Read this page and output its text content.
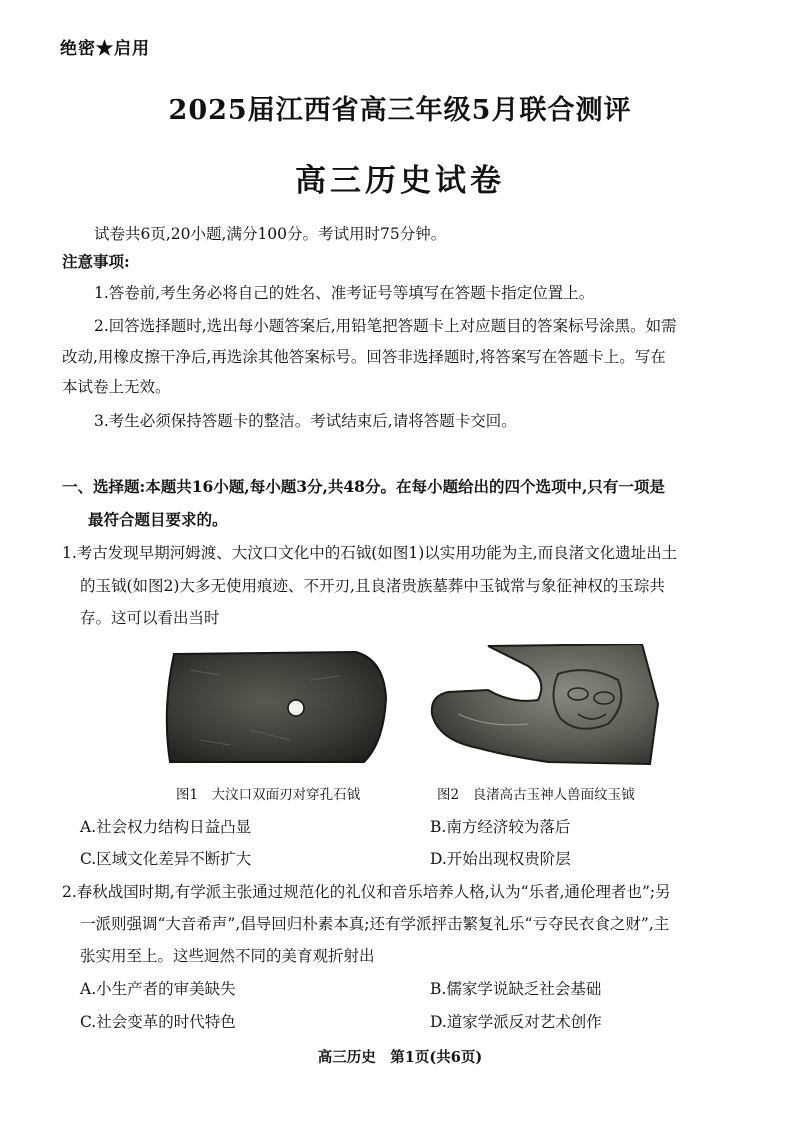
绝密★启用
2025届江西省高三年级5月联合测评
高三历史试卷
试卷共6页,20小题,满分100分。考试用时75分钟。
注意事项:
1.答卷前,考生务必将自己的姓名、准考证号等填写在答题卡指定位置上。
2.回答选择题时,选出每小题答案后,用铅笔把答题卡上对应题目的答案标号涂黑。如需
改动,用橡皮擦干净后,再选涂其他答案标号。回答非选择题时,将答案写在答题卡上。写在
本试卷上无效。
3.考生必须保持答题卡的整洁。考试结束后,请将答题卡交回。
一、选择题:本题共16小题,每小题3分,共48分。在每小题给出的四个选项中,只有一项是
最符合题目要求的。
1.考古发现早期河姆渡、大汶口文化中的石钺(如图1)以实用功能为主,而良渚文化遗址出土
的玉钺(如图2)大多无使用痕迹、不开刃,且良渚贵族墓葬中玉钺常与象征神权的玉琮共
存。这可以看出当时
图1　大汶口双面刃对穿孔石钺	图2　良渚高古玉神人兽面纹玉钺
A.社会权力结构日益凸显	B.南方经济较为落后
C.区域文化差异不断扩大	D.开始出现权贵阶层
2.春秋战国时期,有学派主张通过规范化的礼仪和音乐培养人格,认为“乐者,通伦理者也”;另
一派则强调“大音希声”,倡导回归朴素本真;还有学派抨击繁复礼乐“亏夺民衣食之财”,主
张实用至上。这些迥然不同的美育观折射出
A.小生产者的审美缺失	B.儒家学说缺乏社会基础
C.社会变革的时代特色	D.道家学派反对艺术创作
高三历史　第1页(共6页)
